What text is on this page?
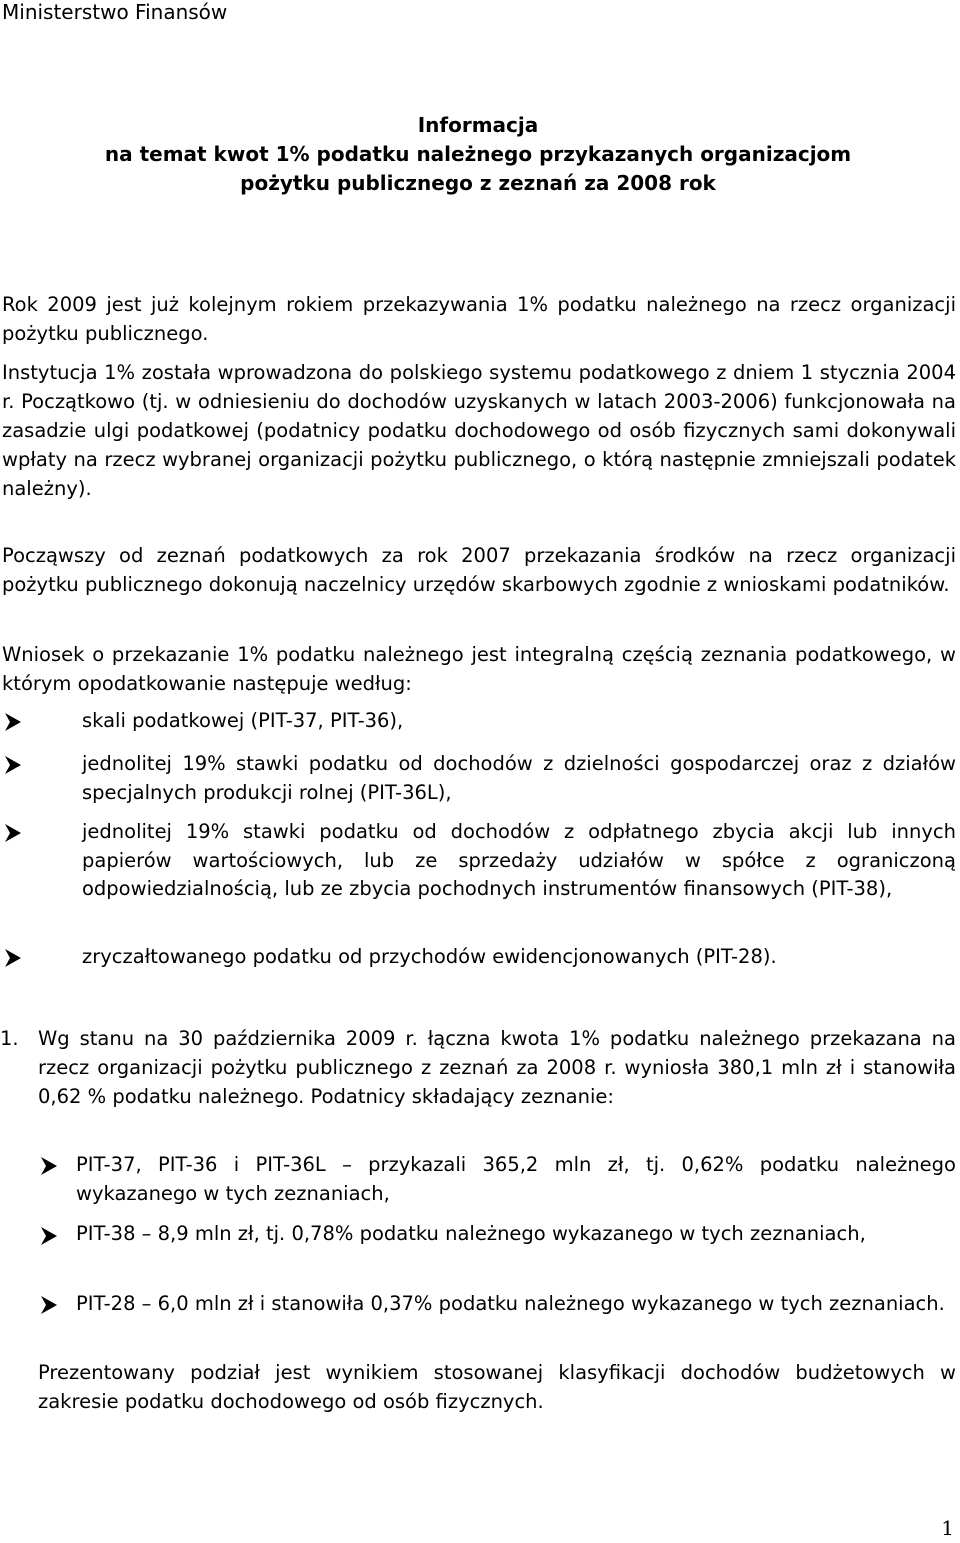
Ministerstwo Finansów
Informacja
na temat kwot 1% podatku należnego przykazanych organizacjom
pożytku publicznego z zeznań za 2008 rok
Rok 2009 jest już kolejnym rokiem przekazywania 1% podatku należnego na rzecz organizacji pożytku publicznego.
Instytucja 1% została wprowadzona do polskiego systemu podatkowego z dniem 1 stycznia 2004 r. Początkowo (tj. w odniesieniu do dochodów uzyskanych w latach 2003-2006) funkcjonowała na zasadzie ulgi podatkowej (podatnicy podatku dochodowego od osób fizycznych sami dokonywali wpłaty na rzecz wybranej organizacji pożytku publicznego, o którą następnie zmniejszali podatek należny).
Począwszy od zeznań podatkowych za rok 2007 przekazania środków na rzecz organizacji pożytku publicznego dokonują naczelnicy urzędów skarbowych zgodnie z wnioskami podatników.
Wniosek o przekazanie 1% podatku należnego jest integralną częścią zeznania podatkowego, w którym opodatkowanie następuje według:
skali podatkowej (PIT-37, PIT-36),
jednolitej 19% stawki podatku od dochodów z dzielności gospodarczej oraz z działów specjalnych produkcji rolnej (PIT-36L),
jednolitej 19% stawki podatku od dochodów z odpłatnego zbycia akcji lub innych papierów wartościowych, lub ze sprzedaży udziałów w spółce z ograniczoną odpowiedzialnością, lub ze zbycia pochodnych instrumentów finansowych (PIT-38),
zryczałtowanego podatku od przychodów ewidencjonowanych (PIT-28).
1. Wg stanu na 30 października 2009 r. łączna kwota 1% podatku należnego przekazana na rzecz organizacji pożytku publicznego z zeznań za 2008 r. wyniosła 380,1 mln zł i stanowiła 0,62 % podatku należnego. Podatnicy składający zeznanie:
PIT-37, PIT-36 i PIT-36L – przykazali 365,2 mln zł, tj. 0,62% podatku należnego wykazanego w tych zeznaniach,
PIT-38 – 8,9 mln zł, tj. 0,78% podatku należnego wykazanego w tych zeznaniach,
PIT-28 – 6,0 mln zł i stanowiła 0,37% podatku należnego wykazanego w tych zeznaniach.
Prezentowany podział jest wynikiem stosowanej klasyfikacji dochodów budżetowych w zakresie podatku dochodowego od osób fizycznych.
1
